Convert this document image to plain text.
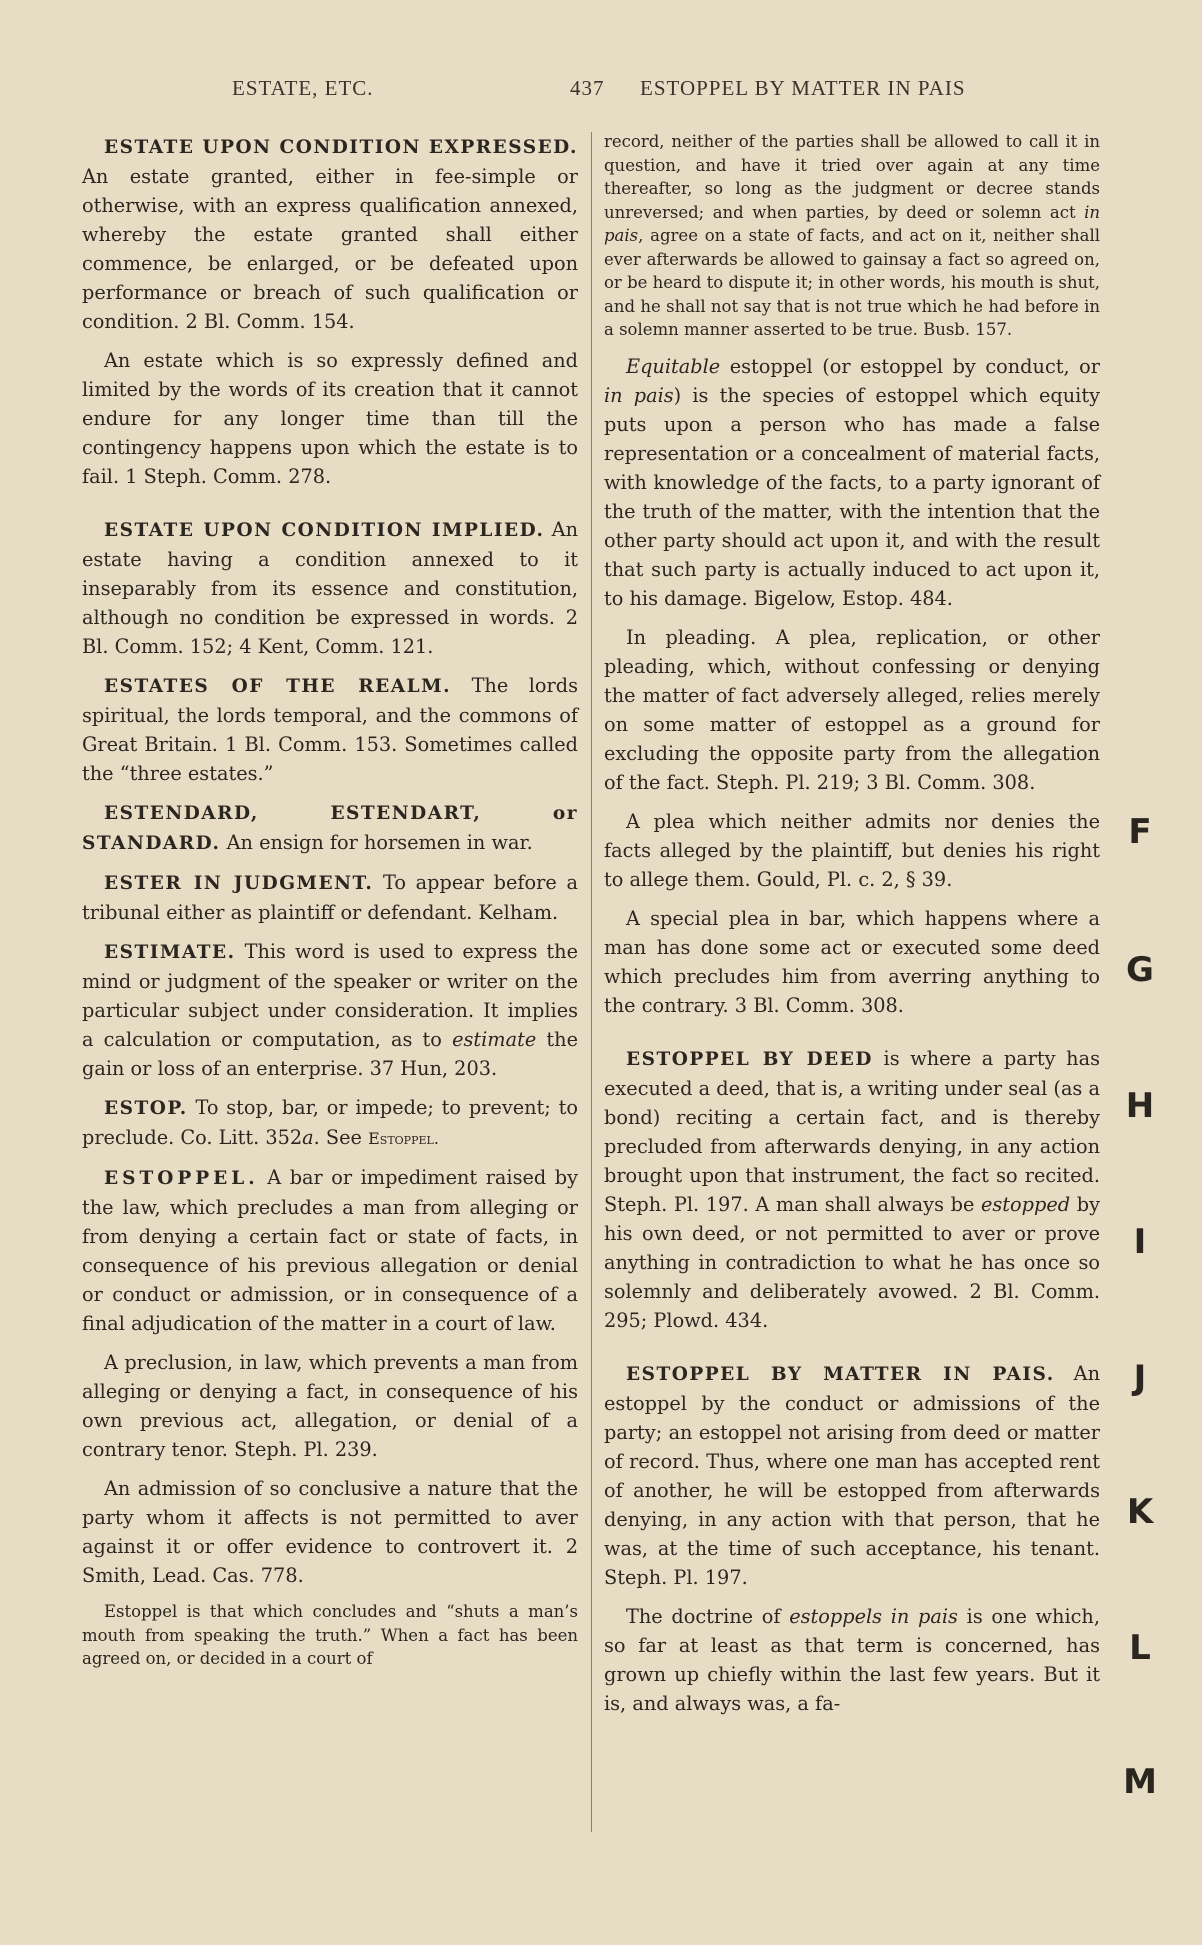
ESTATE, ETC.	437 ESTOPPEL BY MATTER IN PAIS

ESTATE UPON CONDITION EXPRESSED. An estate granted, either in fee-simple or otherwise, with an express qualification annexed, whereby the estate granted shall either commence, be enlarged, or be defeated upon performance or breach of such qualification or condition. 2 Bl. Comm. 154.

An estate which is so expressly defined and limited by the words of its creation that it cannot endure for any longer time than till the contingency happens upon which the estate is to fail. 1 Steph. Comm. 278.

ESTATE UPON CONDITION IMPLIED. An estate having a condition annexed to it inseparably from its essence and constitution, although no condition be expressed in words. 2 Bl. Comm. 152; 4 Kent, Comm. 121.

ESTATES OF THE REALM. The lords spiritual, the lords temporal, and the commons of Great Britain. 1 Bl. Comm. 153. Sometimes called the “three estates.”

ESTENDARD, ESTENDART, or STANDARD. An ensign for horsemen in war.

ESTER IN JUDGMENT. To appear before a tribunal either as plaintiff or defendant. Kelham.

ESTIMATE. This word is used to express the mind or judgment of the speaker or writer on the particular subject under consideration. It implies a calculation or computation, as to estimate the gain or loss of an enterprise. 37 Hun, 203.

ESTOP. To stop, bar, or impede; to prevent; to preclude. Co. Litt. 352a. See Estoppel.

ESTOPPEL. A bar or impediment raised by the law, which precludes a man from alleging or from denying a certain fact or state of facts, in consequence of his previous allegation or denial or conduct or admission, or in consequence of a final adjudication of the matter in a court of law.

A preclusion, in law, which prevents a man from alleging or denying a fact, in consequence of his own previous act, allegation, or denial of a contrary tenor. Steph. Pl. 239.

An admission of so conclusive a nature that the party whom it affects is not permitted to aver against it or offer evidence to controvert it. 2 Smith, Lead. Cas. 778.

Estoppel is that which concludes and “shuts a man’s mouth from speaking the truth.” When a fact has been agreed on, or decided in a court of

record, neither of the parties shall be allowed to call it in question, and have it tried over again at any time thereafter, so long as the judgment or decree stands unreversed; and when parties, by deed or solemn act in pais, agree on a state of facts, and act on it, neither shall ever afterwards be allowed to gainsay a fact so agreed on, or be heard to dispute it; in other words, his mouth is shut, and he shall not say that is not true which he had before in a solemn manner asserted to be true. Busb. 157.

Equitable estoppel (or estoppel by conduct, or in pais) is the species of estoppel which equity puts upon a person who has made a false representation or a concealment of material facts, with knowledge of the facts, to a party ignorant of the truth of the matter, with the intention that the other party should act upon it, and with the result that such party is actually induced to act upon it, to his damage. Bigelow, Estop. 484.

In pleading. A plea, replication, or other pleading, which, without confessing or denying the matter of fact adversely alleged, relies merely on some matter of estoppel as a ground for excluding the opposite party from the allegation of the fact. Steph. Pl. 219; 3 Bl. Comm. 308.

A plea which neither admits nor denies the facts alleged by the plaintiff, but denies his right to allege them. Gould, Pl. c. 2, § 39.

A special plea in bar, which happens where a man has done some act or executed some deed which precludes him from averring anything to the contrary. 3 Bl. Comm. 308.

ESTOPPEL BY DEED is where a party has executed a deed, that is, a writing under seal (as a bond) reciting a certain fact, and is thereby precluded from afterwards denying, in any action brought upon that instrument, the fact so recited. Steph. Pl. 197. A man shall always be estopped by his own deed, or not permitted to aver or prove anything in contradiction to what he has once so solemnly and deliberately avowed. 2 Bl. Comm. 295; Plowd. 434.

ESTOPPEL BY MATTER IN PAIS. An estoppel by the conduct or admissions of the party; an estoppel not arising from deed or matter of record. Thus, where one man has accepted rent of another, he will be estopped from afterwards denying, in any action with that person, that he was, at the time of such acceptance, his tenant. Steph. Pl. 197.

The doctrine of estoppels in pais is one which, so far at least as that term is concerned, has grown up chiefly within the last few years. But it is, and always was, a fa-

F
G
H
I
J
K
L
M
